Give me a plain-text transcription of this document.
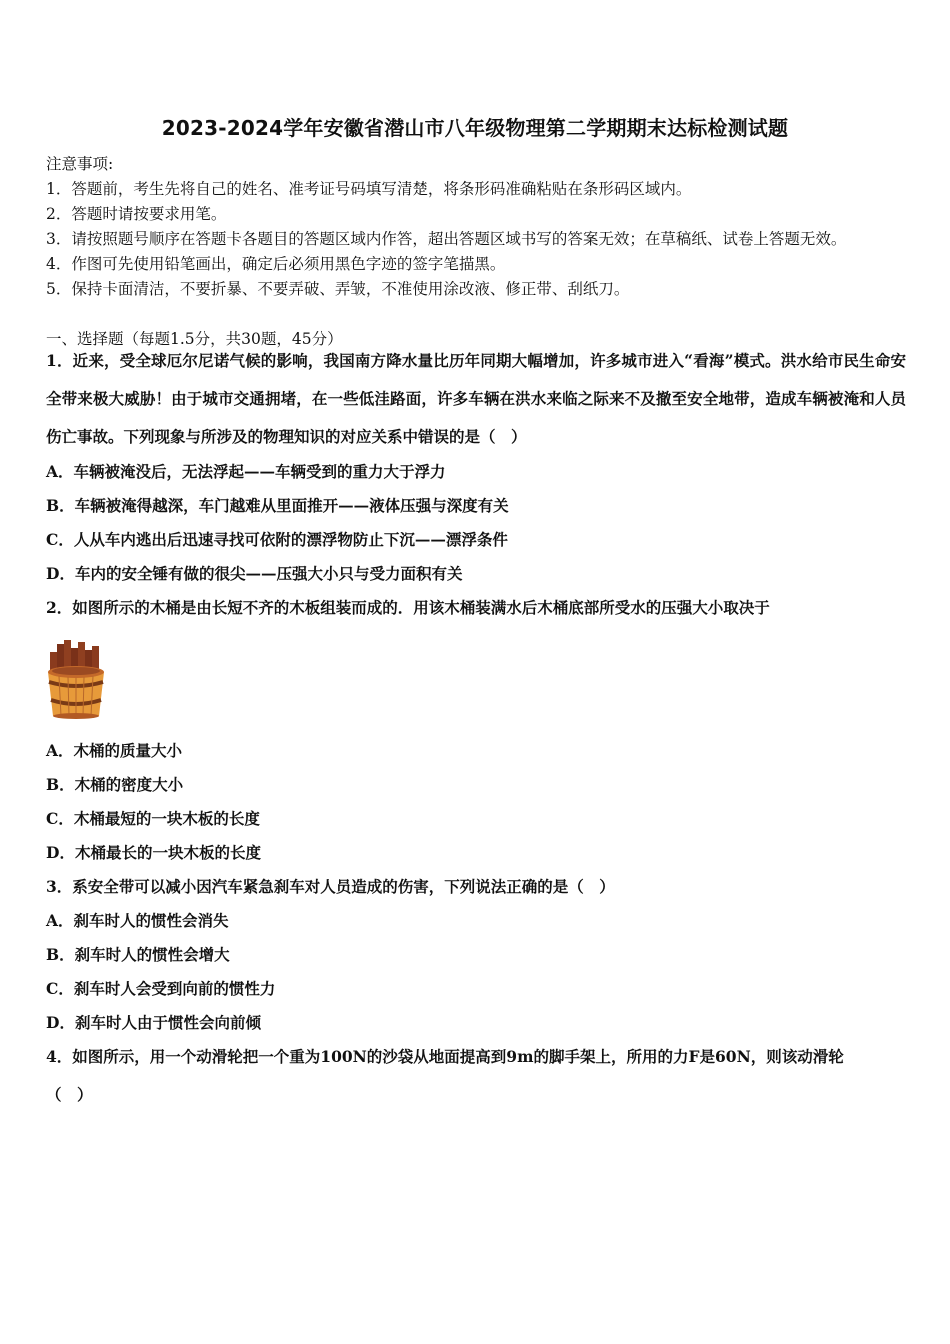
2023-2024学年安徽省潜山市八年级物理第二学期期末达标检测试题
注意事项:
1．答题前，考生先将自己的姓名、准考证号码填写清楚，将条形码准确粘贴在条形码区域内。
2．答题时请按要求用笔。
3．请按照题号顺序在答题卡各题目的答题区域内作答，超出答题区域书写的答案无效；在草稿纸、试卷上答题无效。
4．作图可先使用铅笔画出，确定后必须用黑色字迹的签字笔描黑。
5．保持卡面清洁，不要折暴、不要弄破、弄皱，不准使用涂改液、修正带、刮纸刀。
一、选择题（每题1.5分，共30题，45分）
1．近来，受全球厄尔尼诺气候的影响，我国南方降水量比历年同期大幅增加，许多城市进入“看海”模式。洪水给市民生命安全带来极大威胁！由于城市交通拥堵，在一些低洼路面，许多车辆在洪水来临之际来不及撤至安全地带，造成车辆被淹和人员伤亡事故。下列现象与所涉及的物理知识的对应关系中错误的是（　）
A．车辆被淹没后，无法浮起——车辆受到的重力大于浮力
B．车辆被淹得越深，车门越难从里面推开——液体压强与深度有关
C．人从车内逃出后迅速寻找可依附的漂浮物防止下沉——漂浮条件
D．车内的安全锤有做的很尖——压强大小只与受力面积有关
2．如图所示的木桶是由长短不齐的木板组装而成的．用该木桶装满水后木桶底部所受水的压强大小取决于
A．木桶的质量大小
B．木桶的密度大小
C．木桶最短的一块木板的长度
D．木桶最长的一块木板的长度
3．系安全带可以减小因汽车紧急刹车对人员造成的伤害，下列说法正确的是（　）
A．刹车时人的惯性会消失
B．刹车时人的惯性会增大
C．刹车时人会受到向前的惯性力
D．刹车时人由于惯性会向前倾
4．如图所示，用一个动滑轮把一个重为100N的沙袋从地面提高到9m的脚手架上，所用的力F是60N，则该动滑轮
（　）
